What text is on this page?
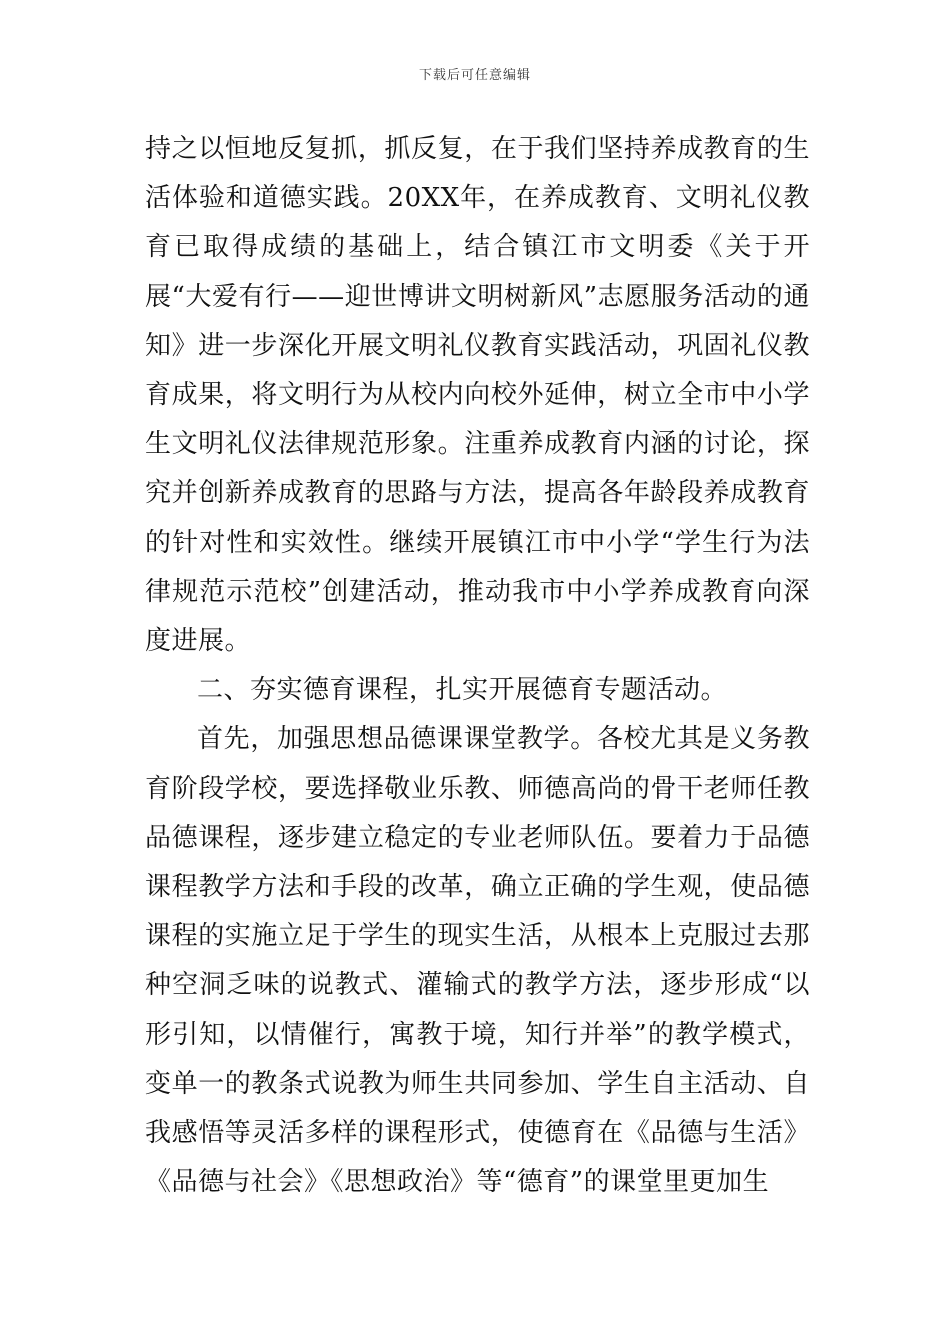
下载后可任意编辑

持之以恒地反复抓，抓反复，在于我们坚持养成教育的生活体验和道德实践。20XX年，在养成教育、文明礼仪教育已取得成绩的基础上，结合镇江市文明委《关于开展“大爱有行——迎世博讲文明树新风”志愿服务活动的通知》进一步深化开展文明礼仪教育实践活动，巩固礼仪教育成果，将文明行为从校内向校外延伸，树立全市中小学生文明礼仪法律规范形象。注重养成教育内涵的讨论，探究并创新养成教育的思路与方法，提高各年龄段养成教育的针对性和实效性。继续开展镇江市中小学“学生行为法律规范示范校”创建活动，推动我市中小学养成教育向深度进展。

二、夯实德育课程，扎实开展德育专题活动。

首先，加强思想品德课课堂教学。各校尤其是义务教育阶段学校，要选择敬业乐教、师德高尚的骨干老师任教品德课程，逐步建立稳定的专业老师队伍。要着力于品德课程教学方法和手段的改革，确立正确的学生观，使品德课程的实施立足于学生的现实生活，从根本上克服过去那种空洞乏味的说教式、灌输式的教学方法，逐步形成“以形引知，以情催行，寓教于境，知行并举”的教学模式，变单一的教条式说教为师生共同参加、学生自主活动、自我感悟等灵活多样的课程形式，使德育在《品德与生活》《品德与社会》《思想政治》等“德育”的课堂里更加生
